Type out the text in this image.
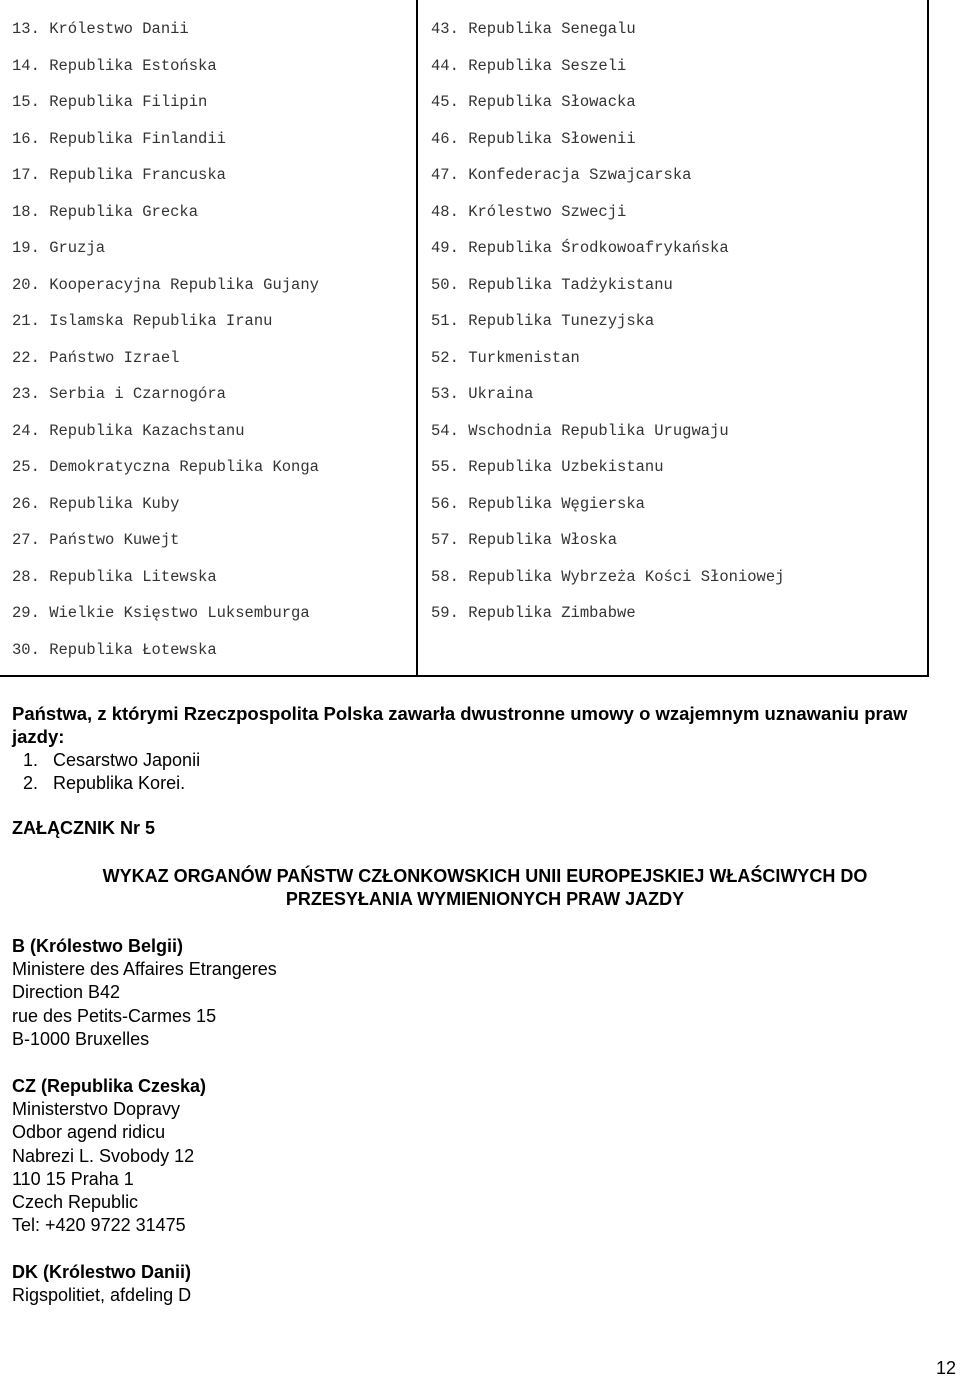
13. Królestwo Danii
14. Republika Estońska
15. Republika Filipin
16. Republika Finlandii
17. Republika Francuska
18. Republika Grecka
19. Gruzja
20. Kooperacyjna Republika Gujany
21. Islamska Republika Iranu
22. Państwo Izrael
23. Serbia i Czarnogóra
24. Republika Kazachstanu
25. Demokratyczna Republika Konga
26. Republika Kuby
27. Państwo Kuwejt
28. Republika Litewska
29. Wielkie Księstwo Luksemburga
30. Republika Łotewska
43. Republika Senegalu
44. Republika Seszeli
45. Republika Słowacka
46. Republika Słowenii
47. Konfederacja Szwajcarska
48. Królestwo Szwecji
49. Republika Środkowoafrykańska
50. Republika Tadżykistanu
51. Republika Tunezyjska
52. Turkmenistan
53. Ukraina
54. Wschodnia Republika Urugwaju
55. Republika Uzbekistanu
56. Republika Węgierska
57. Republika Włoska
58. Republika Wybrzeża Kości Słoniowej
59. Republika Zimbabwe

Państwa, z którymi Rzeczpospolita Polska zawarła dwustronne umowy o wzajemnym uznawaniu praw jazdy:

1. Cesarstwo Japonii
2. Republika Korei.

ZAŁĄCZNIK Nr 5

WYKAZ ORGANÓW PAŃSTW CZŁONKOWSKICH UNII EUROPEJSKIEJ WŁAŚCIWYCH DO
PRZESYŁANIA WYMIENIONYCH PRAW JAZDY

B (Królestwo Belgii)
Ministere des Affaires Etrangeres
Direction B42
rue des Petits-Carmes 15
B-1000 Bruxelles
CZ (Republika Czeska)
Ministerstvo Dopravy
Odbor agend ridicu
Nabrezi L. Svobody 12
110 15 Praha 1
Czech Republic
Tel: +420 9722 31475
DK (Królestwo Danii)
Rigspolitiet, afdeling D
12
